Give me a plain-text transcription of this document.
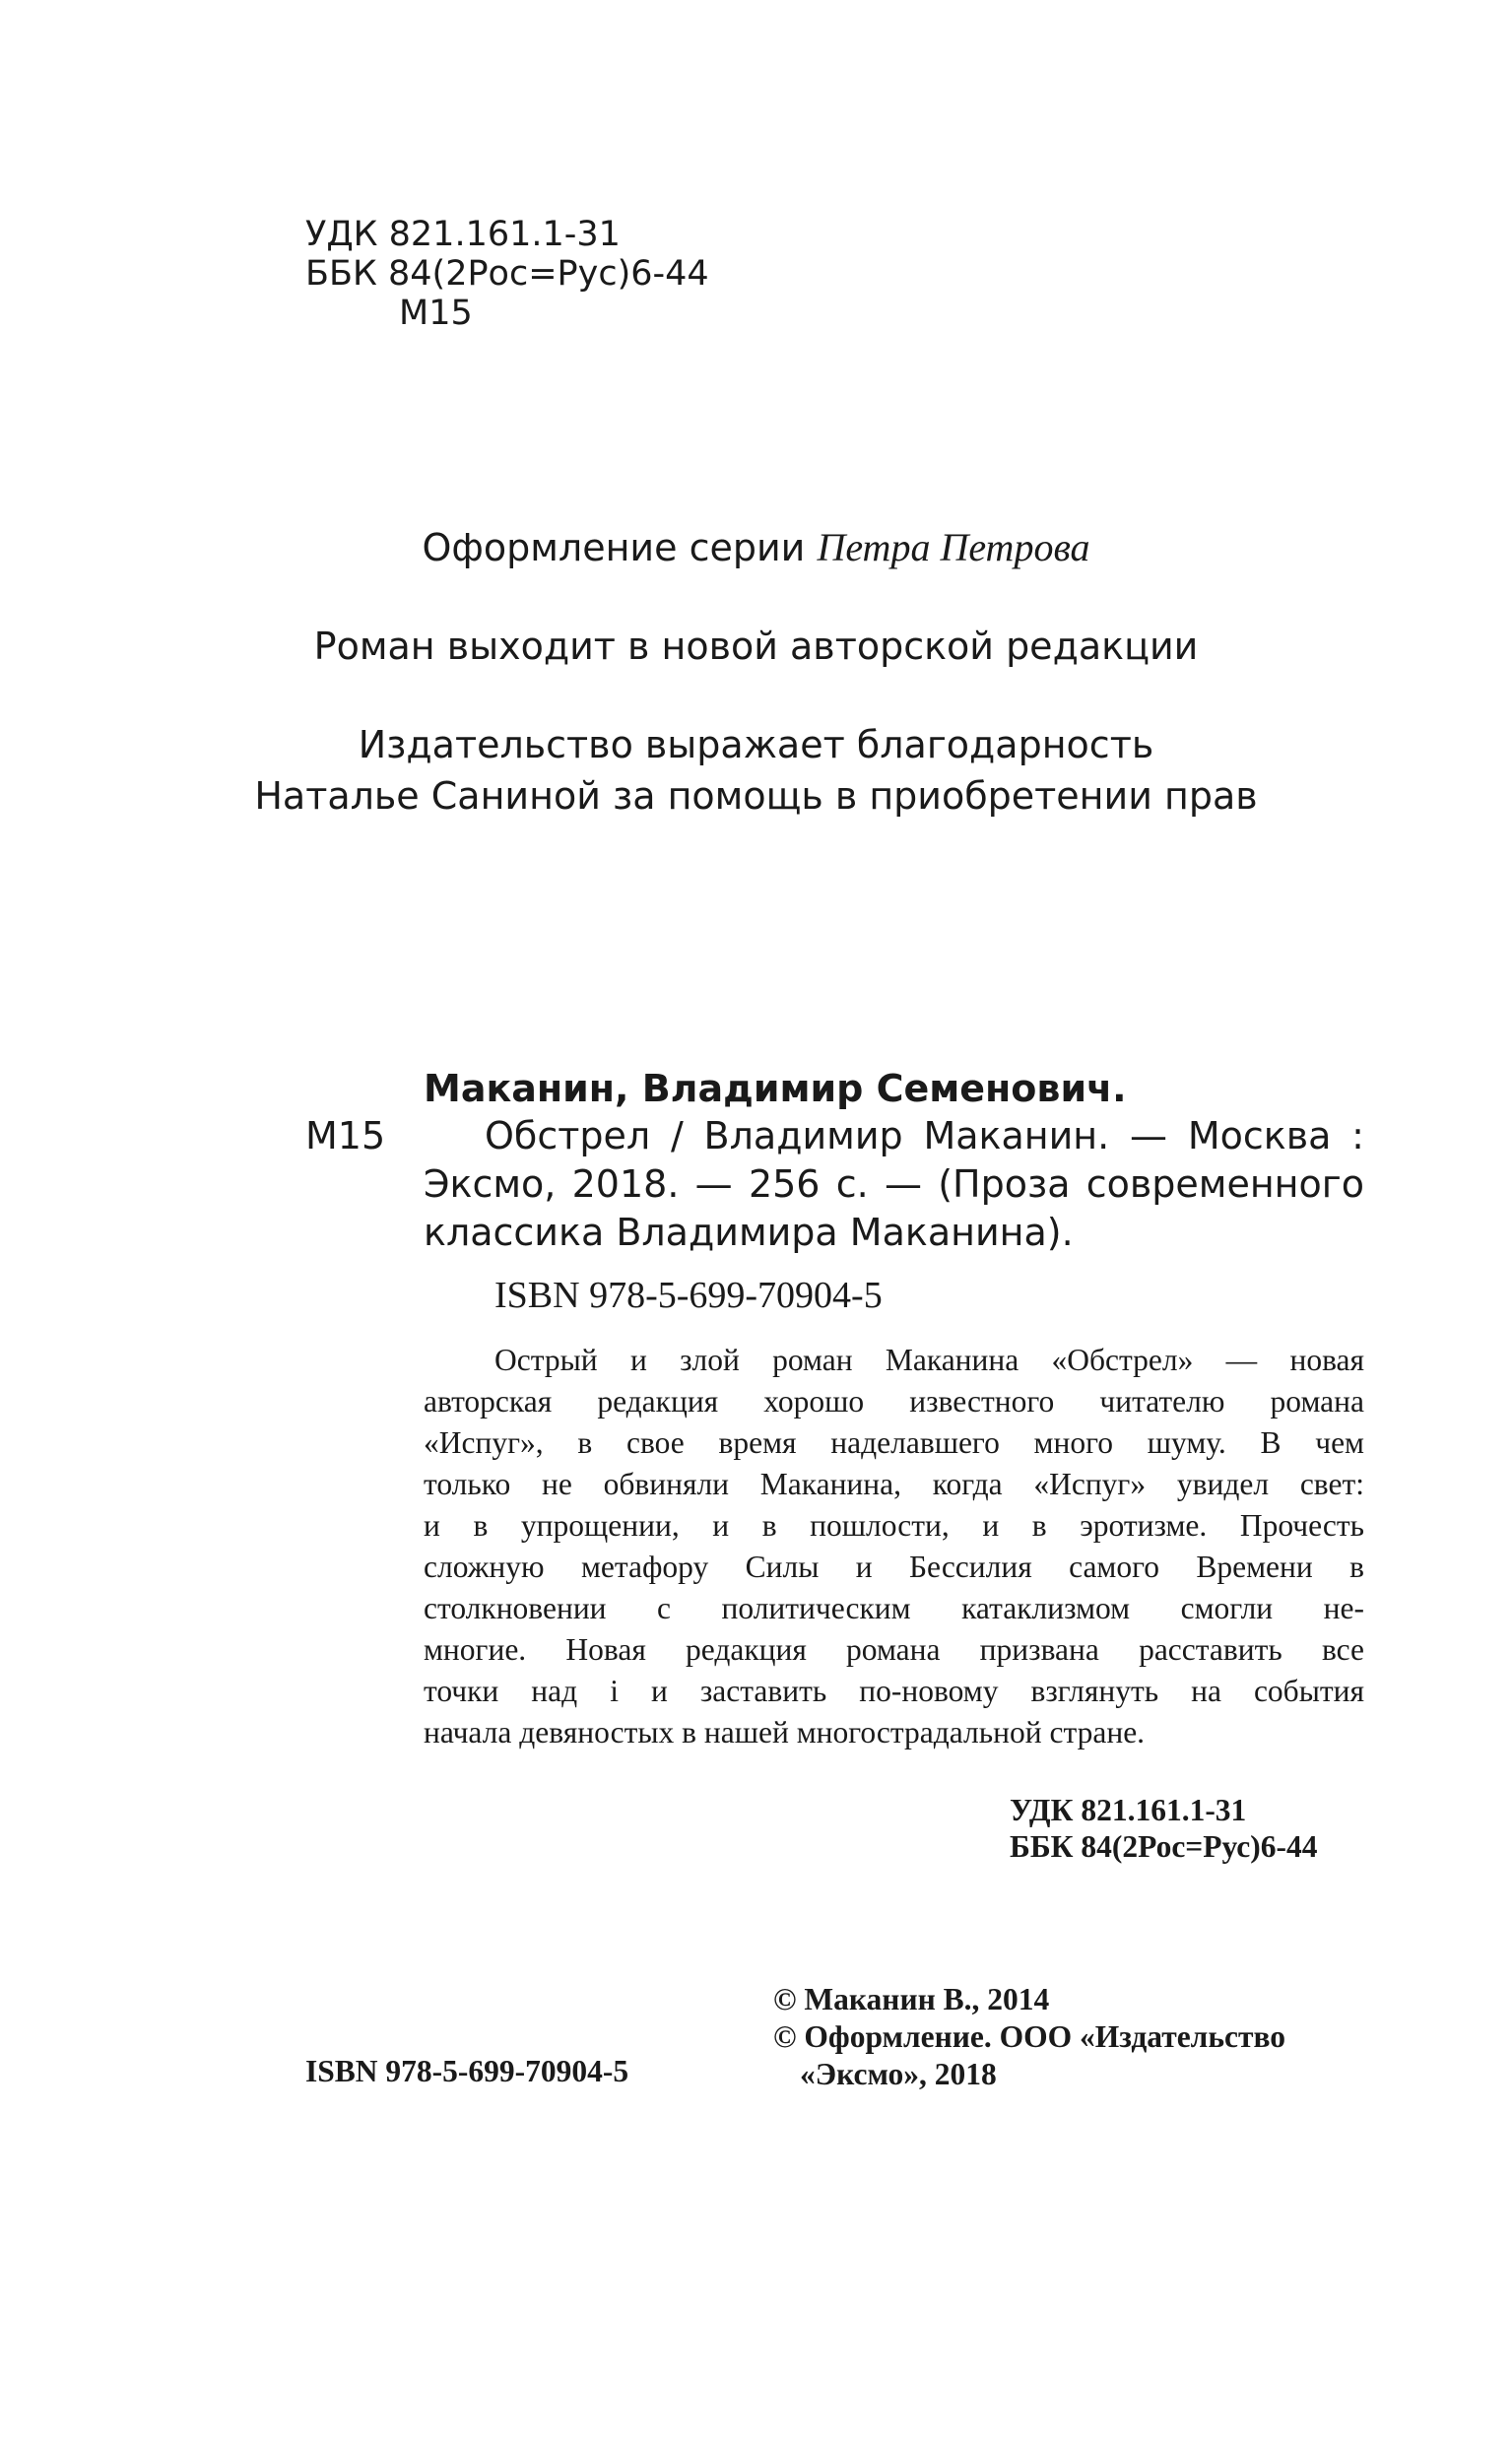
УДК 821.161.1-31
ББК 84(2Рос=Рус)6-44
М15
Оформление серии Петра Петрова
Роман выходит в новой авторской редакции
Издательство выражает благодарность
Наталье Саниной за помощь в приобретении прав
Маканин, Владимир Семенович.
М15	Обстрел / Владимир Маканин. — Москва :
Эксмо, 2018. — 256 с. — (Проза современного
классика Владимира Маканина).
ISBN 978-5-699-70904-5
Острый и злой роман Маканина «Обстрел» — новая
авторская редакция хорошо известного читателю романа
«Испуг», в свое время наделавшего много шуму. В чем
только не обвиняли Маканина, когда «Испуг» увидел свет:
и в упрощении, и в пошлости, и в эротизме. Прочесть
сложную метафору Силы и Бессилия самого Времени в
столкновении с политическим катаклизмом смогли не-
многие. Новая редакция романа призвана расставить все
точки над i и заставить по-новому взглянуть на события
начала девяностых в нашей многострадальной стране.
УДК 821.161.1-31
ББК 84(2Рос=Рус)6-44
© Маканин В., 2014
© Оформление. ООО «Издательство
«Эксмо», 2018
ISBN 978-5-699-70904-5
